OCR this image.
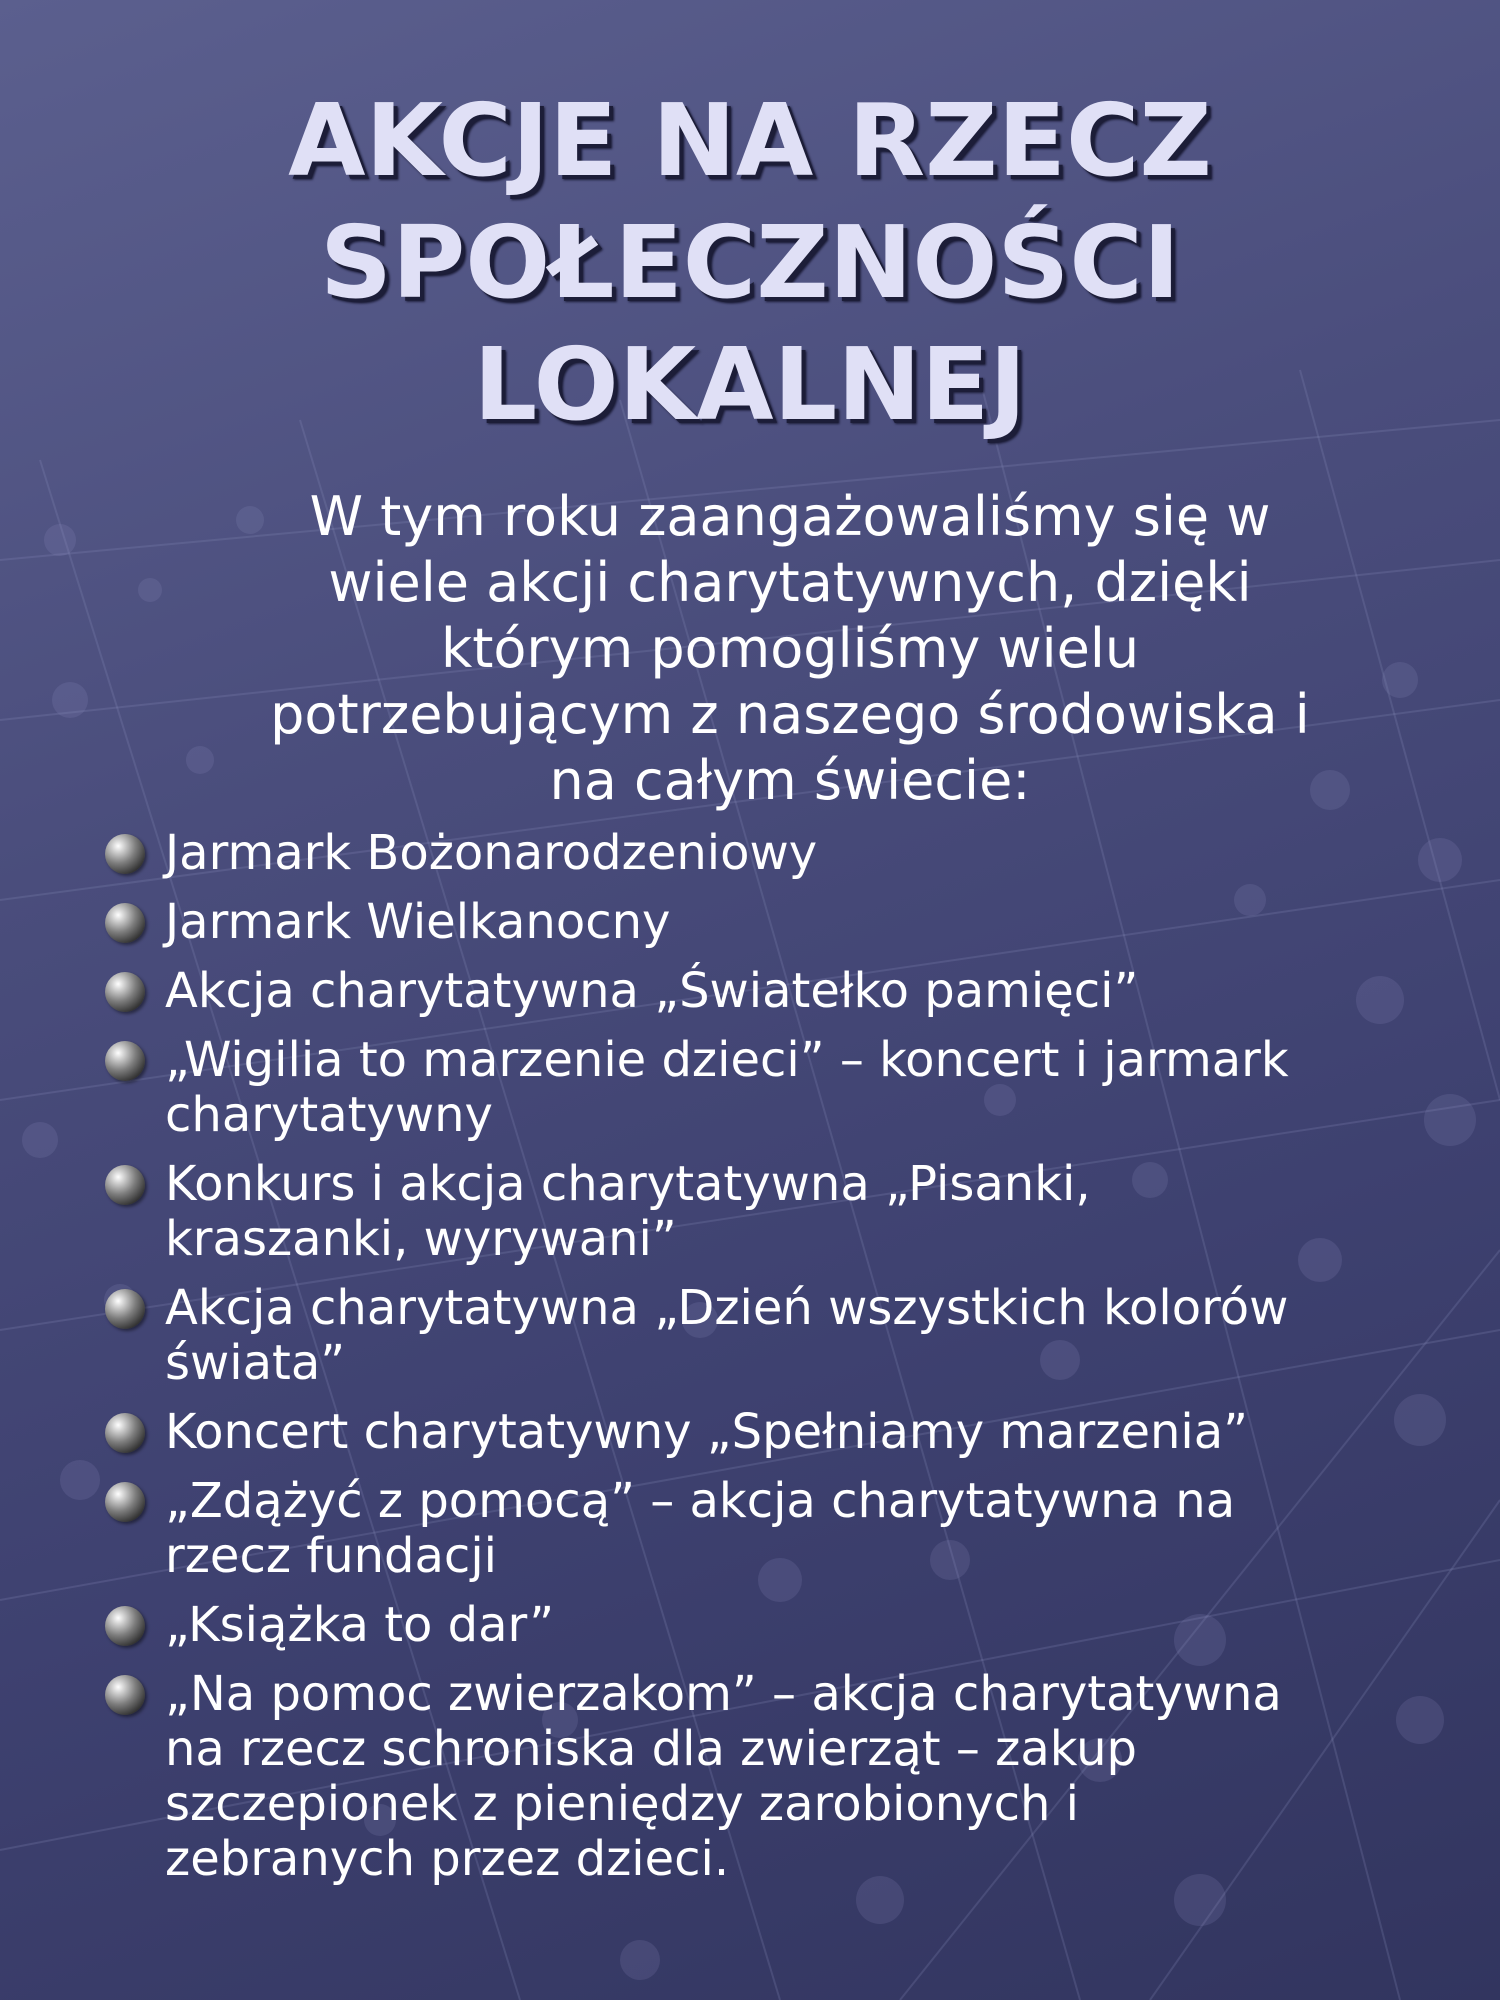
AKCJE NA RZECZ
SPOŁECZNOŚCI
LOKALNEJ
W tym roku zaangażowaliśmy się w
wiele akcji charytatywnych, dzięki
którym pomogliśmy wielu
potrzebującym z naszego środowiska i
na całym świecie:
Jarmark Bożonarodzeniowy
Jarmark Wielkanocny
Akcja charytatywna „Światełko pamięci”
„Wigilia to marzenie dzieci” – koncert i jarmark
charytatywny
Konkurs i akcja charytatywna „Pisanki,
kraszanki, wyrywani”
Akcja charytatywna „Dzień wszystkich kolorów
świata”
Koncert charytatywny „Spełniamy marzenia”
„Zdążyć z pomocą” – akcja charytatywna na
rzecz fundacji
„Książka to dar”
„Na pomoc zwierzakom” – akcja charytatywna
na rzecz schroniska dla zwierząt – zakup
szczepionek z pieniędzy zarobionych i
zebranych przez dzieci.
